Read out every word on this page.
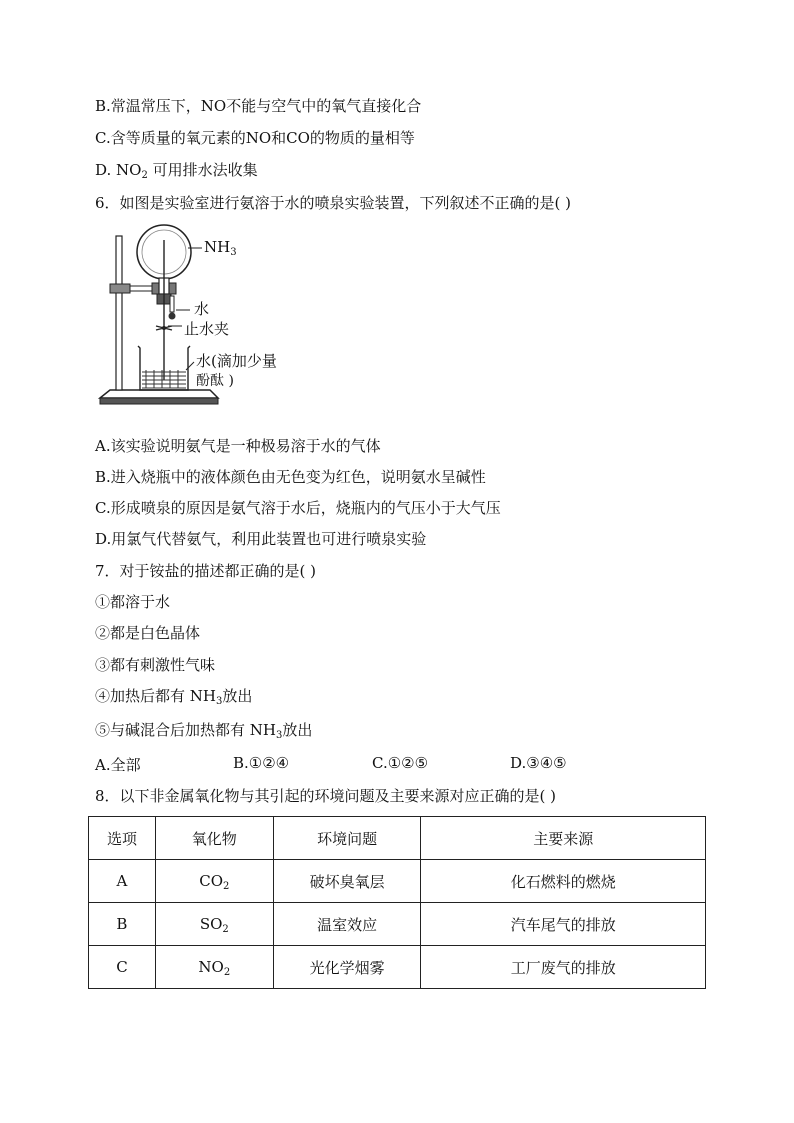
B.常温常压下，NO不能与空气中的氧气直接化合
C.含等质量的氧元素的NO和CO的物质的量相等
D. $NO_2$ 可用排水法收集
6．如图是实验室进行氨溶于水的喷泉实验装置，下列叙述不正确的是( )
$NH_3$
水
止水夹
水(滴加少量
酚酞 )
A.该实验说明氨气是一种极易溶于水的气体
B.进入烧瓶中的液体颜色由无色变为红色，说明氨水呈碱性
C.形成喷泉的原因是氨气溶于水后，烧瓶内的气压小于大气压
D.用氯气代替氨气，利用此装置也可进行喷泉实验
7．对于铵盐的描述都正确的是( )
①都溶于水
②都是白色晶体
③都有刺激性气味
④加热后都有 $NH_3$放出
⑤与碱混合后加热都有 $NH_3$放出
A.全部	B.①②④	C.①②⑤	D.③④⑤
8．以下非金属氧化物与其引起的环境问题及主要来源对应正确的是( )
选项	氧化物	环境问题	主要来源
A	$CO_2$	破坏臭氧层	化石燃料的燃烧
B	$SO_2$	温室效应	汽车尾气的排放
C	$NO_2$	光化学烟雾	工厂废气的排放
